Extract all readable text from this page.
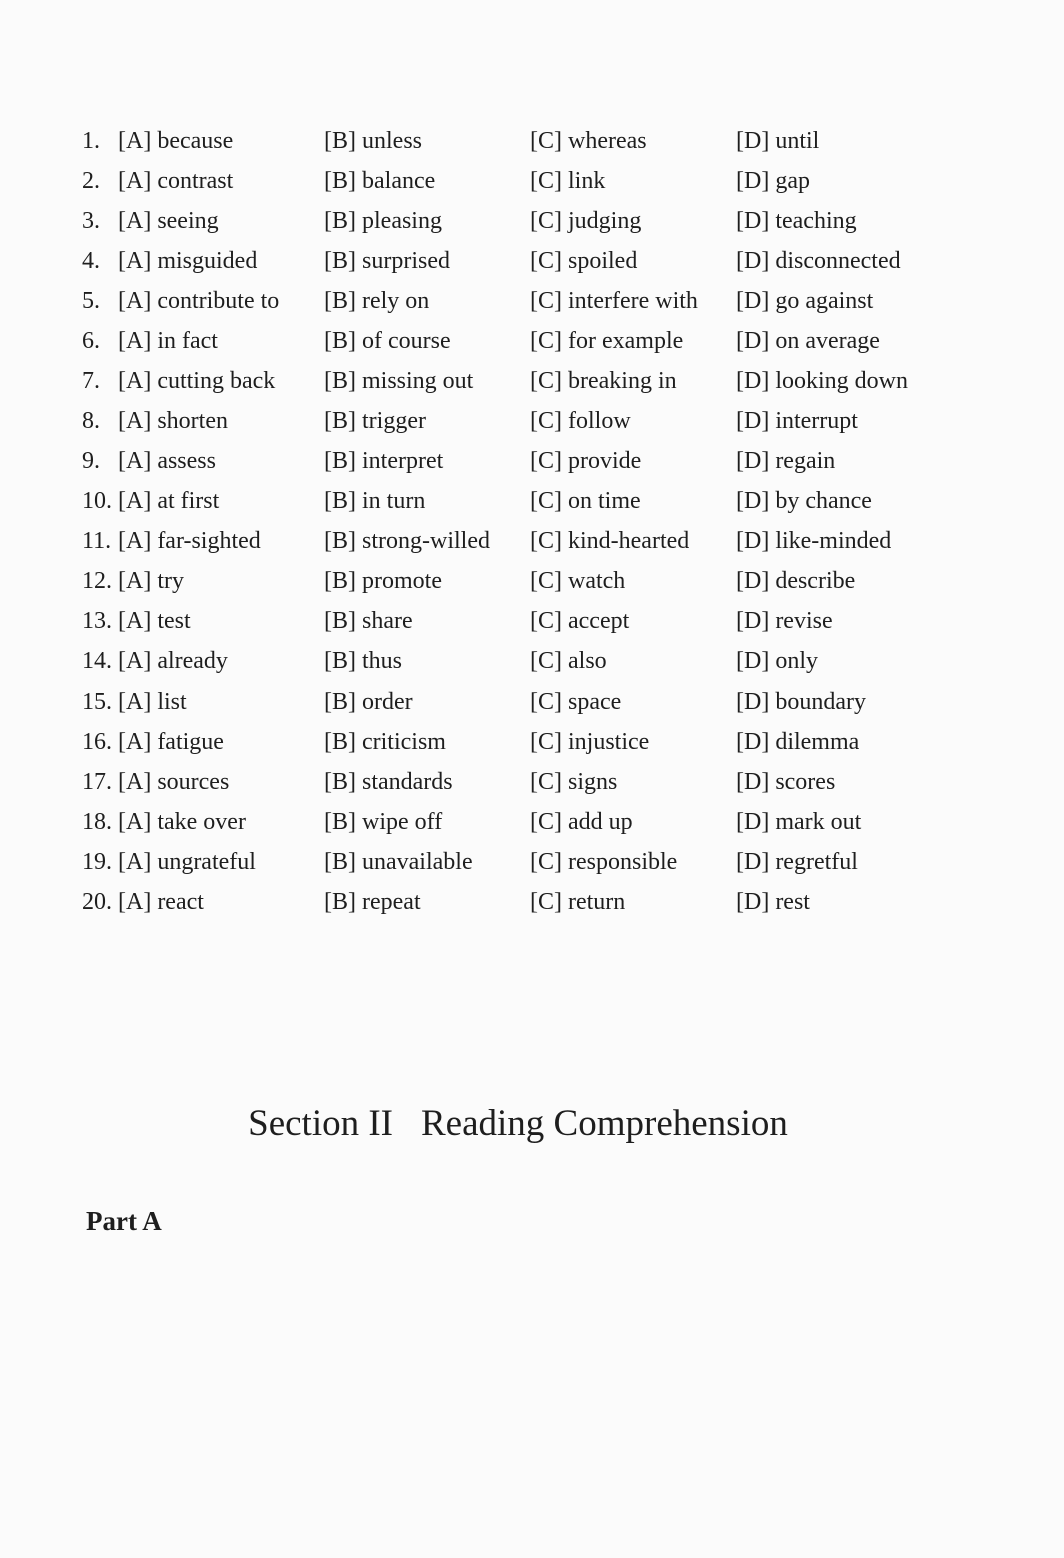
1. [A] because	[B] unless	[C] whereas	[D] until
2. [A] contrast	[B] balance	[C] link	[D] gap
3. [A] seeing	[B] pleasing	[C] judging	[D] teaching
4. [A] misguided	[B] surprised	[C] spoiled	[D] disconnected
5. [A] contribute to [B] rely on	[C] interfere with [D] go against
6. [A] in fact	[B] of course	[C] for example [D] on average
7. [A] cutting back [B] missing out [C] breaking in [D] looking down
8. [A] shorten	[B] trigger	[C] follow	[D] interrupt
9. [A] assess	[B] interpret	[C] provide	[D] regain
10. [A] at first	[B] in turn	[C] on time	[D] by chance
11. [A] far-sighted	[B] strong-willed [C] kind-hearted [D] like-minded
12. [A] try	[B] promote	[C] watch	[D] describe
13. [A] test	[B] share	[C] accept	[D] revise
14. [A] already	[B] thus	[C] also	[D] only
15. [A] list	[B] order	[C] space	[D] boundary
16. [A] fatigue	[B] criticism	[C] injustice	[D] dilemma
17. [A] sources	[B] standards	[C] signs	[D] scores
18. [A] take over	[B] wipe off	[C] add up	[D] mark out
19. [A] ungrateful	[B] unavailable [C] responsible [D] regretful
20. [A] react	[B] repeat	[C] return	[D] rest
Section II Reading Comprehension
Part A
